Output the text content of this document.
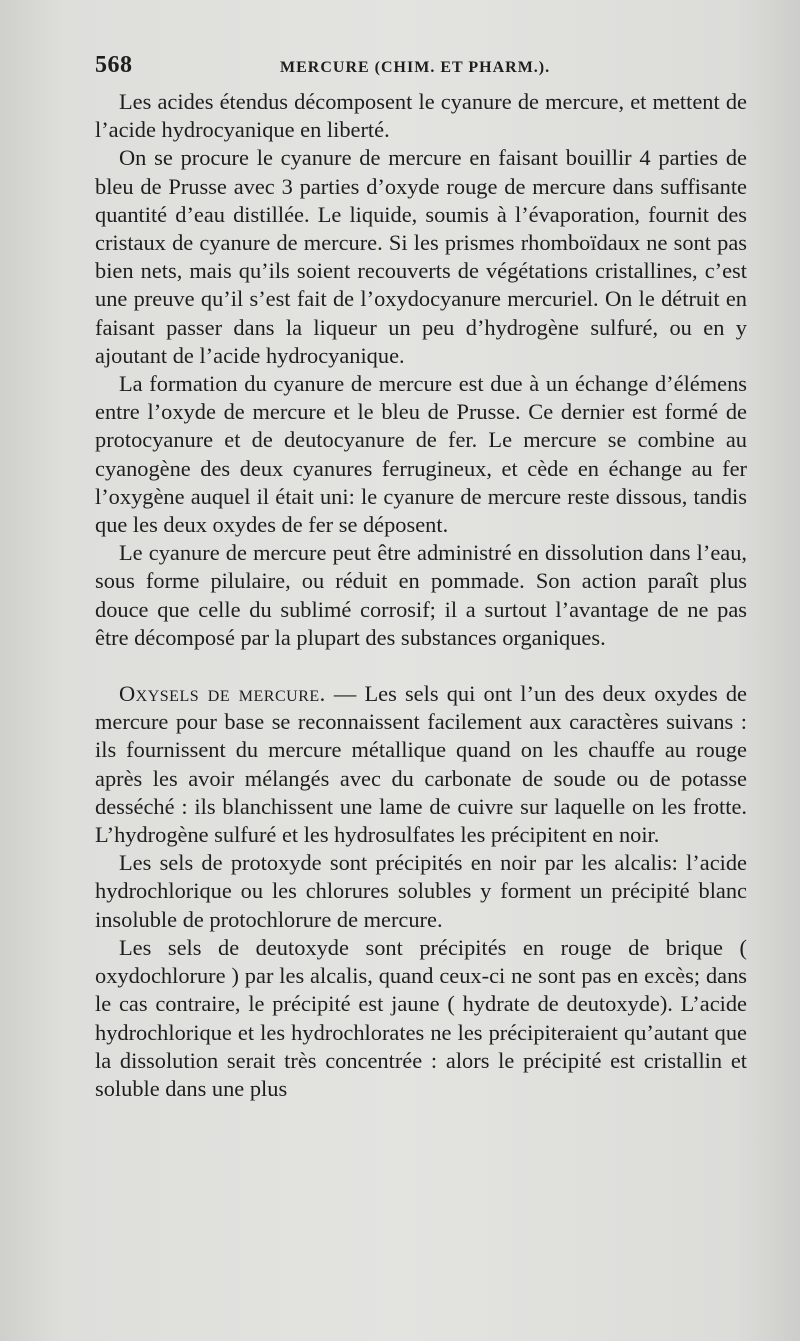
568	MERCURE (CHIM. ET PHARM.).

Les acides étendus décomposent le cyanure de mercure, et mettent de l’acide hydrocyanique en liberté.

On se procure le cyanure de mercure en faisant bouillir 4 parties de bleu de Prusse avec 3 parties d’oxyde rouge de mercure dans suffisante quantité d’eau distillée. Le liquide, soumis à l’évaporation, fournit des cristaux de cyanure de mercure. Si les prismes rhomboïdaux ne sont pas bien nets, mais qu’ils soient recouverts de végétations cristallines, c’est une preuve qu’il s’est fait de l’oxydocyanure mercuriel. On le détruit en faisant passer dans la liqueur un peu d’hydrogène sulfuré, ou en y ajoutant de l’acide hydrocyanique.

La formation du cyanure de mercure est due à un échange d’élémens entre l’oxyde de mercure et le bleu de Prusse. Ce dernier est formé de protocyanure et de deutocyanure de fer. Le mercure se combine au cyanogène des deux cyanures ferrugineux, et cède en échange au fer l’oxygène auquel il était uni: le cyanure de mercure reste dissous, tandis que les deux oxydes de fer se déposent.

Le cyanure de mercure peut être administré en dissolution dans l’eau, sous forme pilulaire, ou réduit en pommade. Son action paraît plus douce que celle du sublimé corrosif; il a surtout l’avantage de ne pas être décomposé par la plupart des substances organiques.

Oxysels de mercure. — Les sels qui ont l’un des deux oxydes de mercure pour base se reconnaissent facilement aux caractères suivans : ils fournissent du mercure métallique quand on les chauffe au rouge après les avoir mélangés avec du carbonate de soude ou de potasse desséché : ils blanchissent une lame de cuivre sur laquelle on les frotte. L’hydrogène sulfuré et les hydrosulfates les précipitent en noir.

Les sels de protoxyde sont précipités en noir par les alcalis: l’acide hydrochlorique ou les chlorures solubles y forment un précipité blanc insoluble de protochlorure de mercure.

Les sels de deutoxyde sont précipités en rouge de brique ( oxydochlorure ) par les alcalis, quand ceux-ci ne sont pas en excès; dans le cas contraire, le précipité est jaune ( hydrate de deutoxyde). L’acide hydrochlorique et les hydrochlorates ne les précipiteraient qu’autant que la dissolution serait très concentrée : alors le précipité est cristallin et soluble dans une plus
